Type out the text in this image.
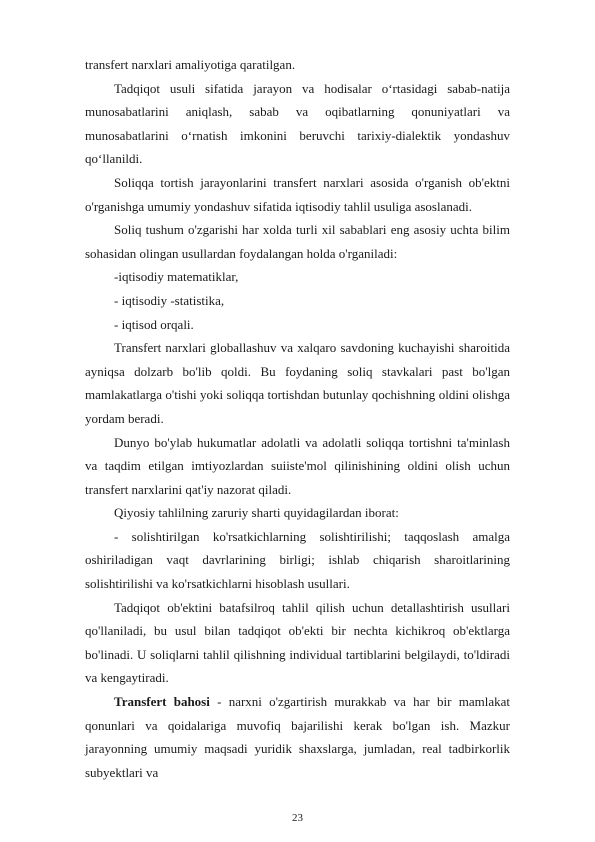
transfert narxlari amaliyotiga qaratilgan.

Tadqiqot usuli sifatida jarayon va hodisalar o‘rtasidagi sabab-natija munosabatlarini aniqlash, sabab va oqibatlarning qonuniyatlari va munosabatlarini o‘rnatish imkonini beruvchi tarixiy-dialektik yondashuv qo‘llanildi.

Soliqqa tortish jarayonlarini transfert narxlari asosida o'rganish ob'ektni o'rganishga umumiy yondashuv sifatida iqtisodiy tahlil usuliga asoslanadi.

Soliq tushum o'zgarishi har xolda turli xil sabablari eng asosiy uchta bilim sohasidan olingan usullardan foydalangan holda o'rganiladi:

-iqtisodiy matematiklar,

- iqtisodiy -statistika,

- iqtisod orqali.

Transfert narxlari globallashuv va xalqaro savdoning kuchayishi sharoitida ayniqsa dolzarb bo'lib qoldi. Bu foydaning soliq stavkalari past bo'lgan mamlakatlarga o'tishi yoki soliqqa tortishdan butunlay qochishning oldini olishga yordam beradi.

Dunyo bo'ylab hukumatlar adolatli va adolatli soliqqa tortishni ta'minlash va taqdim etilgan imtiyozlardan suiiste'mol qilinishining oldini olish uchun transfert narxlarini qat'iy nazorat qiladi.

Qiyosiy tahlilning zaruriy sharti quyidagilardan iborat:

- solishtirilgan ko'rsatkichlarning solishtirilishi; taqqoslash amalga oshiriladigan vaqt davrlarining birligi; ishlab chiqarish sharoitlarining solishtirilishi va ko'rsatkichlarni hisoblash usullari.

Tadqiqot ob'ektini batafsilroq tahlil qilish uchun detallashtirish usullari qo'llaniladi, bu usul bilan tadqiqot ob'ekti bir nechta kichikroq ob'ektlarga bo'linadi. U soliqlarni tahlil qilishning individual tartiblarini belgilaydi, to'ldiradi va kengaytiradi.

Transfert bahosi - narxni o'zgartirish murakkab va har bir mamlakat qonunlari va qoidalariga muvofiq bajarilishi kerak bo'lgan ish. Mazkur jarayonning umumiy maqsadi yuridik shaxslarga, jumladan, real tadbirkorlik subyektlari va

23
